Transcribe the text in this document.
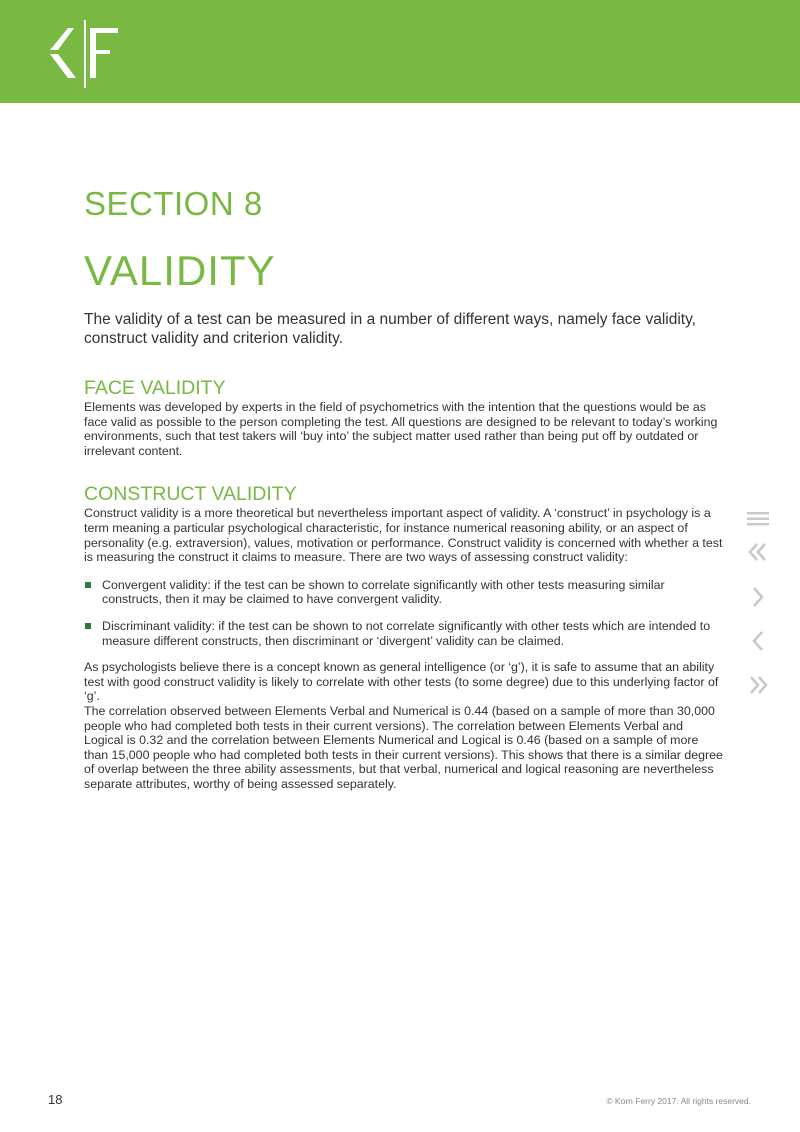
SECTION 8
VALIDITY

The validity of a test can be measured in a number of different ways, namely face validity, construct validity and criterion validity.

FACE VALIDITY

Elements was developed by experts in the field of psychometrics with the intention that the questions would be as face valid as possible to the person completing the test. All questions are designed to be relevant to today’s working environments, such that test takers will ‘buy into’ the subject matter used rather than being put off by outdated or irrelevant content.

CONSTRUCT VALIDITY

Construct validity is a more theoretical but nevertheless important aspect of validity. A ‘construct’ in psychology is a term meaning a particular psychological characteristic, for instance numerical reasoning ability, or an aspect of personality (e.g. extraversion), values, motivation or performance. Construct validity is concerned with whether a test is measuring the construct it claims to measure. There are two ways of assessing construct validity:

Convergent validity: if the test can be shown to correlate significantly with other tests measuring similar constructs, then it may be claimed to have convergent validity.
Discriminant validity: if the test can be shown to not correlate significantly with other tests which are intended to measure different constructs, then discriminant or ‘divergent’ validity can be claimed.

As psychologists believe there is a concept known as general intelligence (or ‘g’), it is safe to assume that an ability test with good construct validity is likely to correlate with other tests (to some degree) due to this underlying factor of ‘g’.

The correlation observed between Elements Verbal and Numerical is 0.44 (based on a sample of more than 30,000 people who had completed both tests in their current versions). The correlation between Elements Verbal and Logical is 0.32 and the correlation between Elements Numerical and Logical is 0.46 (based on a sample of more than 15,000 people who had completed both tests in their current versions). This shows that there is a similar degree of overlap between the three ability assessments, but that verbal, numerical and logical reasoning are nevertheless separate attributes, worthy of being assessed separately.

18	© Korn Ferry 2017. All rights reserved.
